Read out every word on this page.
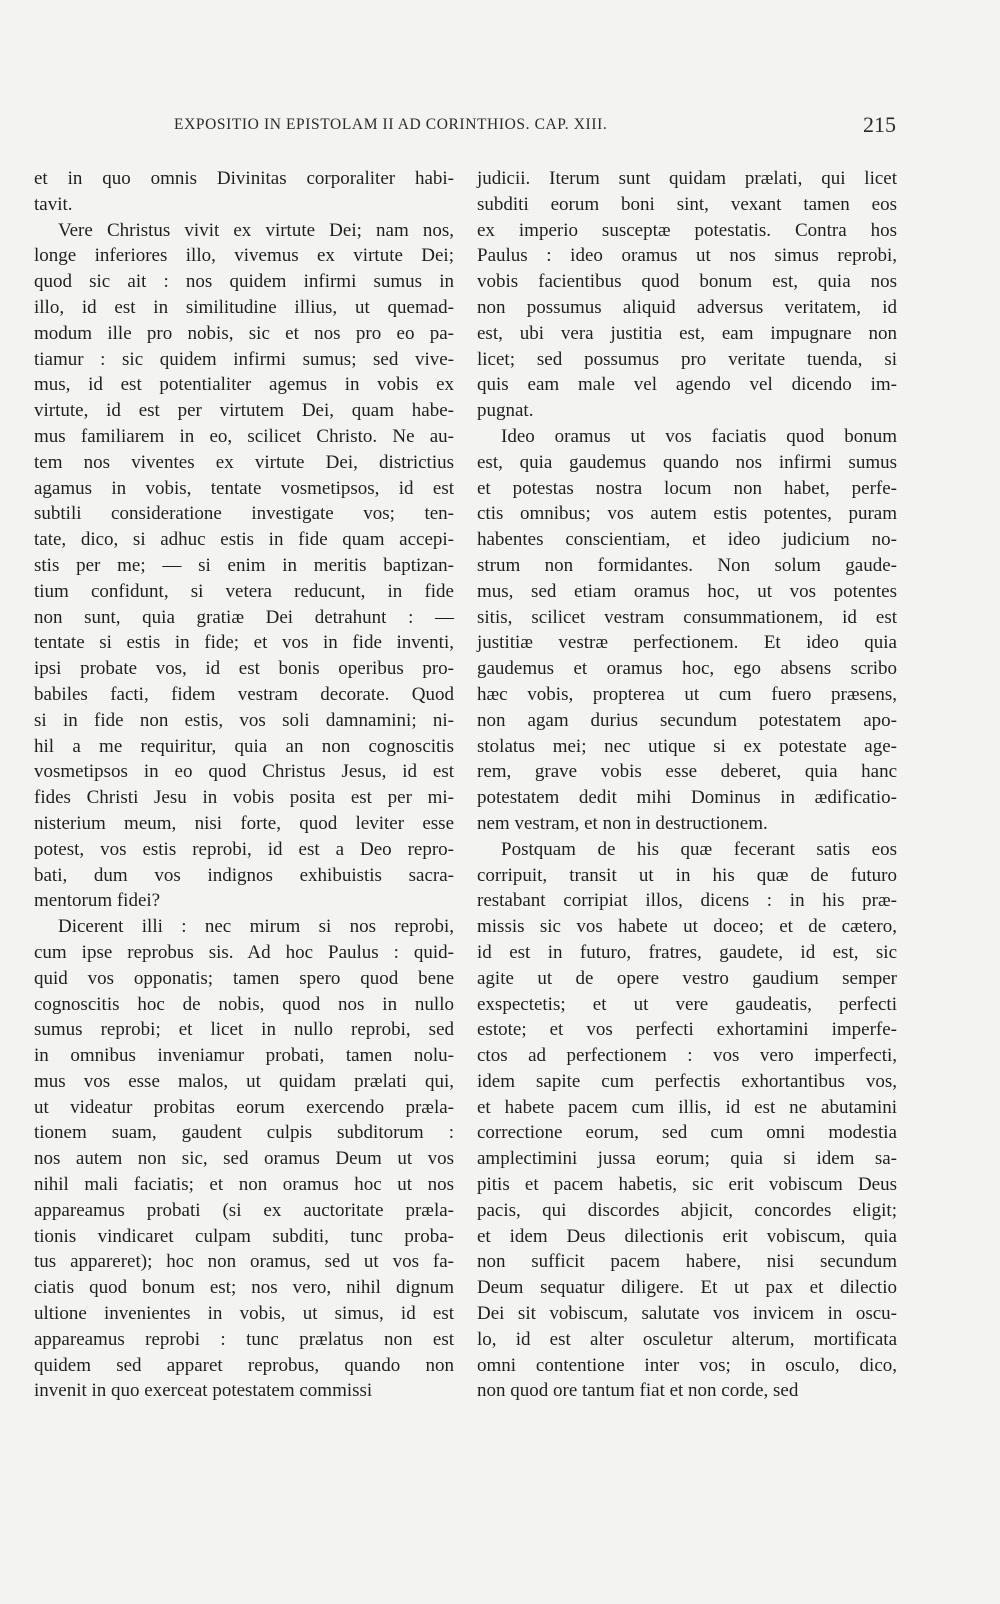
EXPOSITIO IN EPISTOLAM II AD CORINTHIOS. CAP. XIII.	215
et in quo omnis Divinitas corporaliter habi-
tavit.
Vere Christus vivit ex virtute Dei; nam nos,
longe inferiores illo, vivemus ex virtute Dei;
quod sic ait : nos quidem infirmi sumus in
illo, id est in similitudine illius, ut quemad-
modum ille pro nobis, sic et nos pro eo pa-
tiamur : sic quidem infirmi sumus; sed vive-
mus, id est potentialiter agemus in vobis ex
virtute, id est per virtutem Dei, quam habe-
mus familiarem in eo, scilicet Christo. Ne au-
tem nos viventes ex virtute Dei, districtius
agamus in vobis, tentate vosmetipsos, id est
subtili consideratione investigate vos; ten-
tate, dico, si adhuc estis in fide quam accepi-
stis per me; — si enim in meritis baptizan-
tium confidunt, si vetera reducunt, in fide
non sunt, quia gratiæ Dei detrahunt : —
tentate si estis in fide; et vos in fide inventi,
ipsi probate vos, id est bonis operibus pro-
babiles facti, fidem vestram decorate. Quod
si in fide non estis, vos soli damnamini; ni-
hil a me requiritur, quia an non cognoscitis
vosmetipsos in eo quod Christus Jesus, id est
fides Christi Jesu in vobis posita est per mi-
nisterium meum, nisi forte, quod leviter esse
potest, vos estis reprobi, id est a Deo repro-
bati, dum vos indignos exhibuistis sacra-
mentorum fidei?
Dicerent illi : nec mirum si nos reprobi,
cum ipse reprobus sis. Ad hoc Paulus : quid-
quid vos opponatis; tamen spero quod bene
cognoscitis hoc de nobis, quod nos in nullo
sumus reprobi; et licet in nullo reprobi, sed
in omnibus inveniamur probati, tamen nolu-
mus vos esse malos, ut quidam prælati qui,
ut videatur probitas eorum exercendo præla-
tionem suam, gaudent culpis subditorum :
nos autem non sic, sed oramus Deum ut vos
nihil mali faciatis; et non oramus hoc ut nos
appareamus probati (si ex auctoritate præla-
tionis vindicaret culpam subditi, tunc proba-
tus appareret); hoc non oramus, sed ut vos fa-
ciatis quod bonum est; nos vero, nihil dignum
ultione invenientes in vobis, ut simus, id est
appareamus reprobi : tunc prælatus non est
quidem sed apparet reprobus, quando non
invenit in quo exerceat potestatem commissi
judicii. Iterum sunt quidam prælati, qui licet
subditi eorum boni sint, vexant tamen eos
ex imperio susceptæ potestatis. Contra hos
Paulus : ideo oramus ut nos simus reprobi,
vobis facientibus quod bonum est, quia nos
non possumus aliquid adversus veritatem, id
est, ubi vera justitia est, eam impugnare non
licet; sed possumus pro veritate tuenda, si
quis eam male vel agendo vel dicendo im-
pugnat.
Ideo oramus ut vos faciatis quod bonum
est, quia gaudemus quando nos infirmi sumus
et potestas nostra locum non habet, perfe-
ctis omnibus; vos autem estis potentes, puram
habentes conscientiam, et ideo judicium no-
strum non formidantes. Non solum gaude-
mus, sed etiam oramus hoc, ut vos potentes
sitis, scilicet vestram consummationem, id est
justitiæ vestræ perfectionem. Et ideo quia
gaudemus et oramus hoc, ego absens scribo
hæc vobis, propterea ut cum fuero præsens,
non agam durius secundum potestatem apo-
stolatus mei; nec utique si ex potestate age-
rem, grave vobis esse deberet, quia hanc
potestatem dedit mihi Dominus in ædificatio-
nem vestram, et non in destructionem.
Postquam de his quæ fecerant satis eos
corripuit, transit ut in his quæ de futuro
restabant corripiat illos, dicens : in his præ-
missis sic vos habete ut doceo; et de cætero,
id est in futuro, fratres, gaudete, id est, sic
agite ut de opere vestro gaudium semper
exspectetis; et ut vere gaudeatis, perfecti
estote; et vos perfecti exhortamini imperfe-
ctos ad perfectionem : vos vero imperfecti,
idem sapite cum perfectis exhortantibus vos,
et habete pacem cum illis, id est ne abutamini
correctione eorum, sed cum omni modestia
amplectimini jussa eorum; quia si idem sa-
pitis et pacem habetis, sic erit vobiscum Deus
pacis, qui discordes abjicit, concordes eligit;
et idem Deus dilectionis erit vobiscum, quia
non sufficit pacem habere, nisi secundum
Deum sequatur diligere. Et ut pax et dilectio
Dei sit vobiscum, salutate vos invicem in oscu-
lo, id est alter osculetur alterum, mortificata
omni contentione inter vos; in osculo, dico,
non quod ore tantum fiat et non corde, sed
